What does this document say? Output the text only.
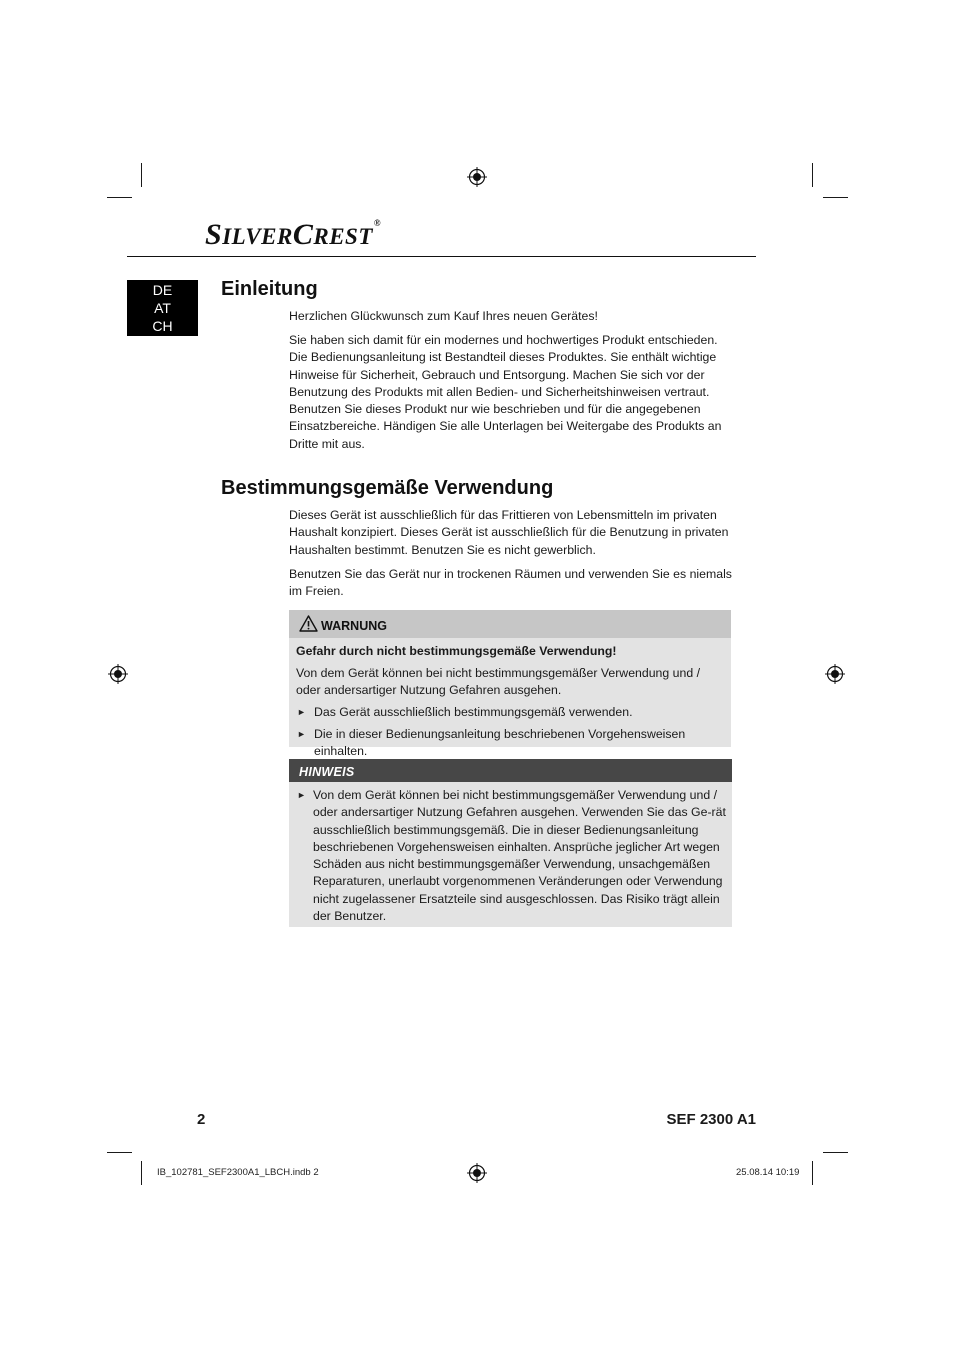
SILVERCREST®
DE
AT
CH
Einleitung

Herzlichen Glückwunsch zum Kauf Ihres neuen Gerätes!

Sie haben sich damit für ein modernes und hochwertiges Produkt entschieden. Die Bedienungsanleitung ist Bestandteil dieses Produktes. Sie enthält wichtige Hinweise für Sicherheit, Gebrauch und Entsorgung. Machen Sie sich vor der Benutzung des Produkts mit allen Bedien- und Sicherheitshinweisen vertraut. Benutzen Sie dieses Produkt nur wie beschrieben und für die angegebenen Einsatzbereiche. Händigen Sie alle Unterlagen bei Weitergabe des Produkts an Dritte mit aus.

Bestimmungsgemäße Verwendung

Dieses Gerät ist ausschließlich für das Frittieren von Lebensmitteln im privaten Haushalt konzipiert. Dieses Gerät ist ausschließlich für die Benutzung in privaten Haushalten bestimmt. Benutzen Sie es nicht gewerblich.

Benutzen Sie das Gerät nur in trockenen Räumen und verwenden Sie es niemals im Freien.

WARNUNG
Gefahr durch nicht bestimmungsgemäße Verwendung!
Von dem Gerät können bei nicht bestimmungsgemäßer Verwendung und / oder andersartiger Nutzung Gefahren ausgehen.
► Das Gerät ausschließlich bestimmungsgemäß verwenden.
► Die in dieser Bedienungsanleitung beschriebenen Vorgehensweisen einhalten.
HINWEIS
► Von dem Gerät können bei nicht bestimmungsgemäßer Verwendung und / oder andersartiger Nutzung Gefahren ausgehen. Verwenden Sie das Ge-rät ausschließlich bestimmungsgemäß. Die in dieser Bedienungsanleitung beschriebenen Vorgehensweisen einhalten. Ansprüche jeglicher Art wegen Schäden aus nicht bestimmungsgemäßer Verwendung, unsachgemäßen Reparaturen, unerlaubt vorgenommenen Veränderungen oder Verwendung nicht zugelassener Ersatzteile sind ausgeschlossen. Das Risiko trägt allein der Benutzer.
2	SEF 2300 A1
IB_102781_SEF2300A1_LBCH.indb 2	25.08.14 10:19
